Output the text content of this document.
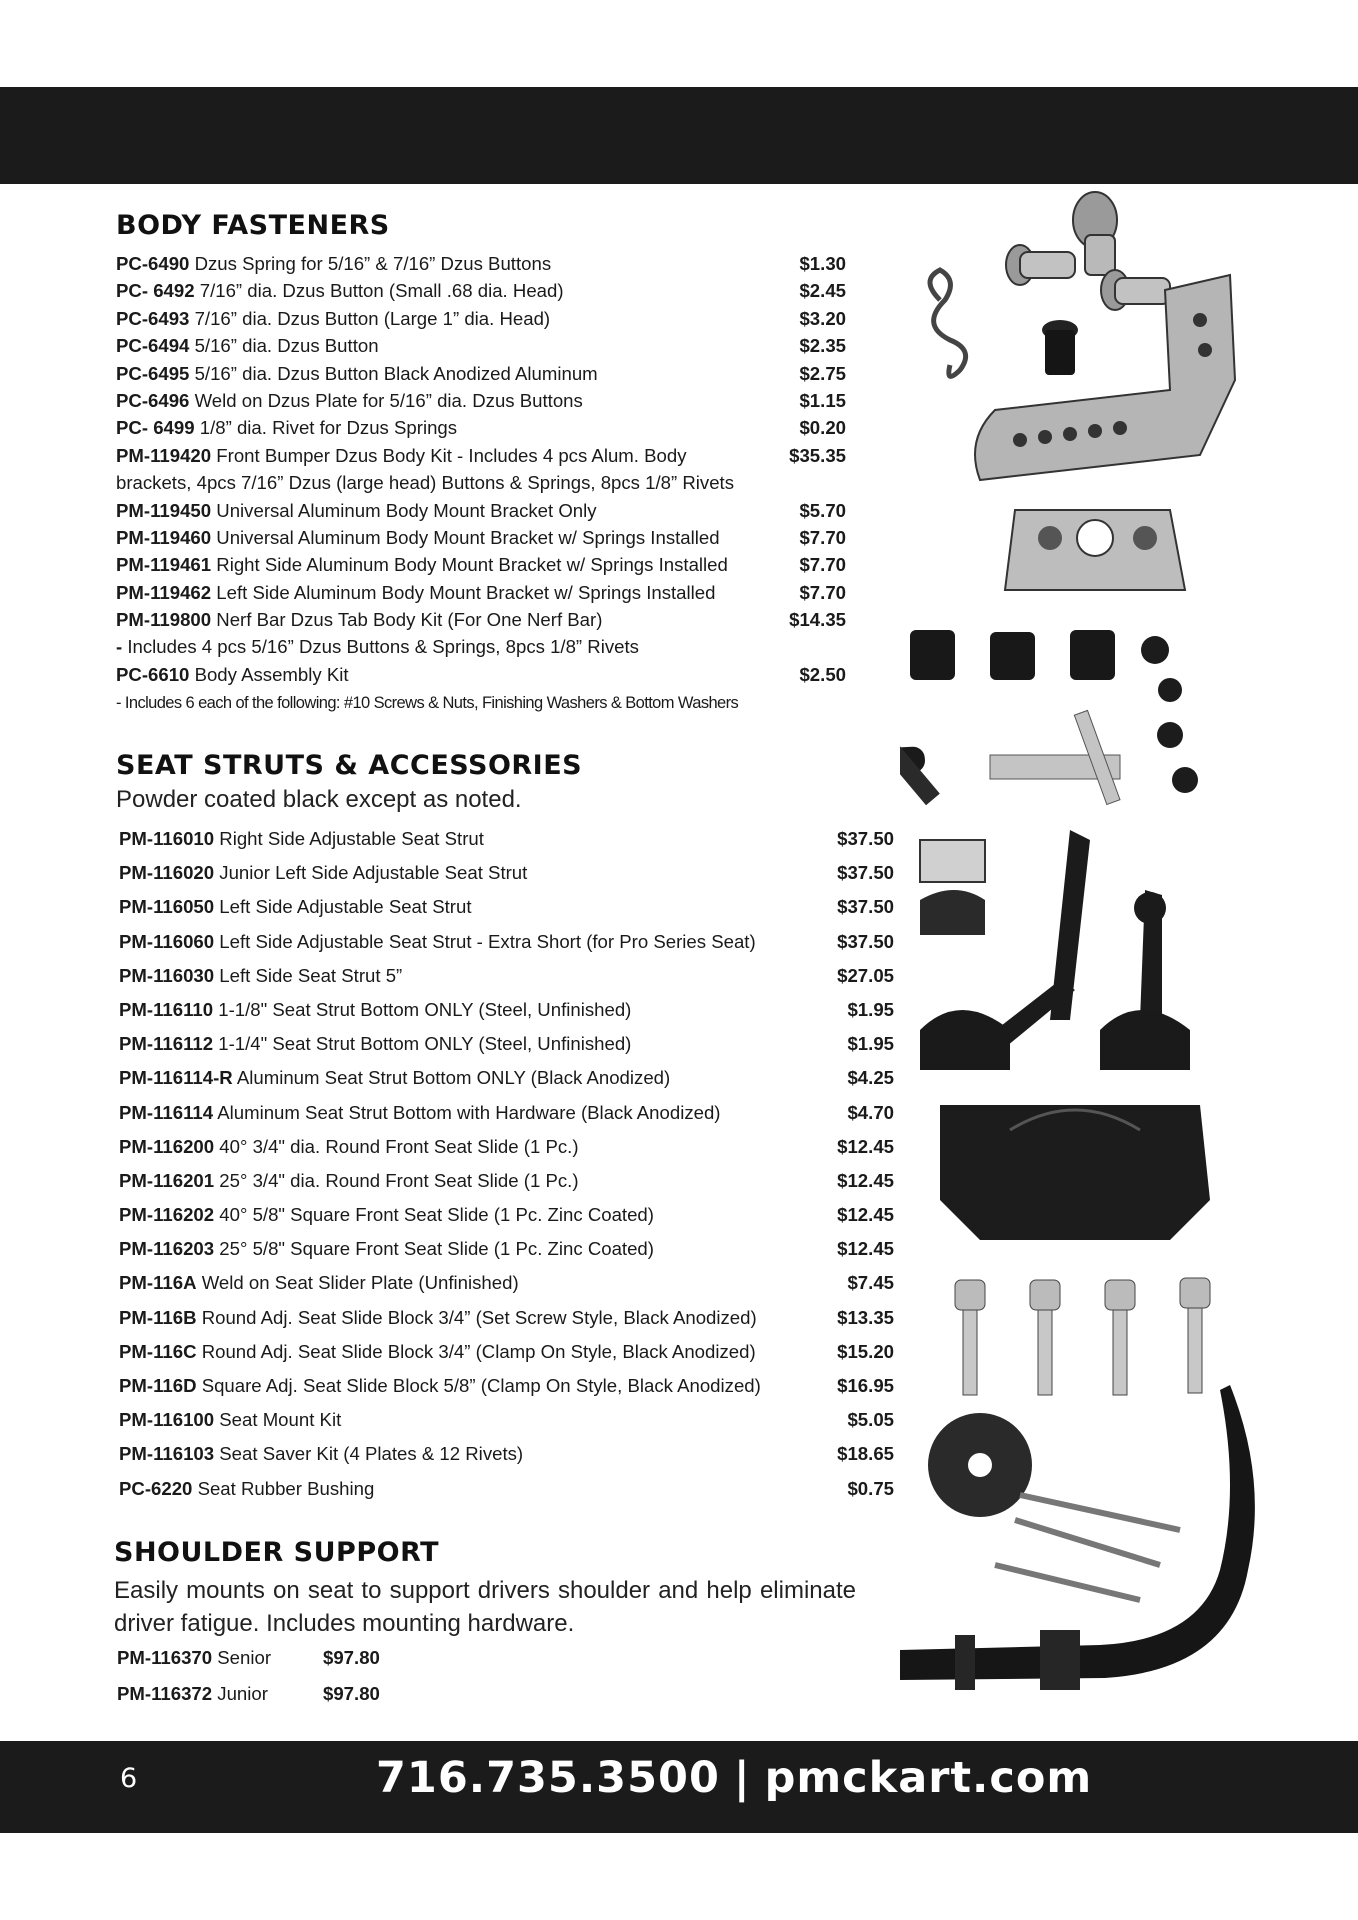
BODY FASTENERS
PC-6490 Dzus Spring for 5/16” & 7/16” Dzus Buttons	$1.30
PC- 6492 7/16” dia. Dzus Button (Small .68 dia. Head)	$2.45
PC-6493 7/16” dia. Dzus Button (Large 1” dia. Head)	$3.20
PC-6494 5/16” dia. Dzus Button	$2.35
PC-6495 5/16” dia. Dzus Button Black Anodized Aluminum	$2.75
PC-6496 Weld on Dzus Plate for 5/16” dia. Dzus Buttons	$1.15
PC- 6499 1/8” dia. Rivet for Dzus Springs	$0.20
PM-119420 Front Bumper Dzus Body Kit - Includes 4 pcs Alum. Body	$35.35
brackets, 4pcs 7/16” Dzus (large head) Buttons & Springs, 8pcs 1/8” Rivets
PM-119450 Universal Aluminum Body Mount Bracket Only	$5.70
PM-119460 Universal Aluminum Body Mount Bracket w/ Springs Installed	$7.70
PM-119461 Right Side Aluminum Body Mount Bracket w/ Springs Installed	$7.70
PM-119462 Left Side Aluminum Body Mount Bracket w/ Springs Installed	$7.70
PM-119800 Nerf Bar Dzus Tab Body Kit (For One Nerf Bar)	$14.35
- Includes 4 pcs 5/16” Dzus Buttons & Springs, 8pcs 1/8” Rivets
PC-6610 Body Assembly Kit	$2.50
- Includes 6 each of the following: #10 Screws & Nuts, Finishing Washers & Bottom Washers
SEAT STRUTS & ACCESSORIES
Powder coated black except as noted.
PM-116010 Right Side Adjustable Seat Strut	$37.50
PM-116020 Junior Left Side Adjustable Seat Strut	$37.50
PM-116050 Left Side Adjustable Seat Strut	$37.50
PM-116060 Left Side Adjustable Seat Strut - Extra Short (for Pro Series Seat)	$37.50
PM-116030 Left Side Seat Strut 5”	$27.05
PM-116110 1-1/8" Seat Strut Bottom ONLY (Steel, Unfinished)	$1.95
PM-116112 1-1/4" Seat Strut Bottom ONLY (Steel, Unfinished)	$1.95
PM-116114-R Aluminum Seat Strut Bottom ONLY (Black Anodized)	$4.25
PM-116114 Aluminum Seat Strut Bottom with Hardware (Black Anodized)	$4.70
PM-116200 40° 3/4" dia. Round Front Seat Slide (1 Pc.)	$12.45
PM-116201 25° 3/4" dia. Round Front Seat Slide (1 Pc.)	$12.45
PM-116202 40° 5/8" Square Front Seat Slide (1 Pc. Zinc Coated)	$12.45
PM-116203 25° 5/8" Square Front Seat Slide (1 Pc. Zinc Coated)	$12.45
PM-116A Weld on Seat Slider Plate (Unfinished)	$7.45
PM-116B Round Adj. Seat Slide Block 3/4” (Set Screw Style, Black Anodized)	$13.35
PM-116C Round Adj. Seat Slide Block 3/4” (Clamp On Style, Black Anodized)	$15.20
PM-116D Square Adj. Seat Slide Block 5/8” (Clamp On Style, Black Anodized)	$16.95
PM-116100 Seat Mount Kit	$5.05
PM-116103 Seat Saver Kit (4 Plates & 12 Rivets)	$18.65
PC-6220 Seat Rubber Bushing	$0.75
SHOULDER SUPPORT
Easily mounts on seat to support drivers shoulder and help eliminate driver fatigue. Includes mounting hardware.
PM-116370 Senior	$97.80
PM-116372 Junior	$97.80
6	716.735.3500 | pmckart.com
